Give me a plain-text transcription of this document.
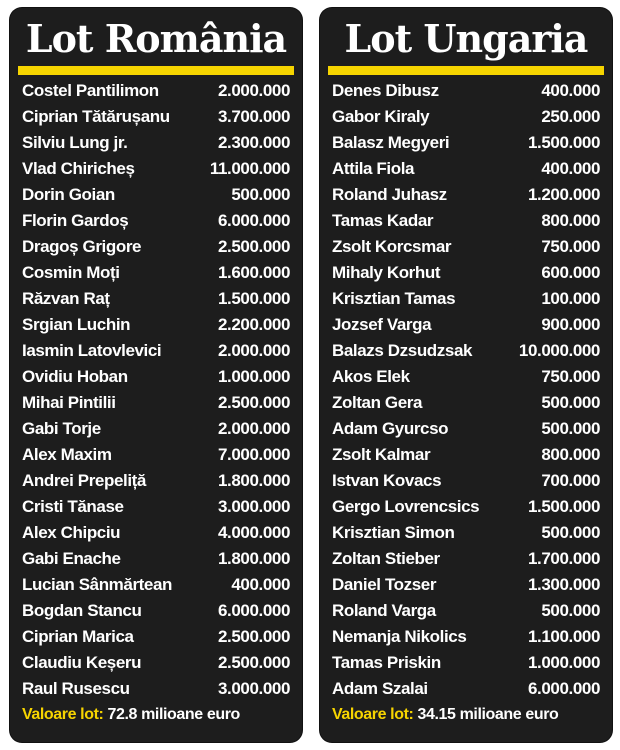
Lot România
Costel Pantilimon	2.000.000
Ciprian Tătărușanu	3.700.000
Silviu Lung jr.	2.300.000
Vlad Chiricheș	11.000.000
Dorin Goian	500.000
Florin Gardoș	6.000.000
Dragoș Grigore	2.500.000
Cosmin Moți	1.600.000
Răzvan Raț	1.500.000
Srgian Luchin	2.200.000
Iasmin Latovlevici	2.000.000
Ovidiu Hoban	1.000.000
Mihai Pintilii	2.500.000
Gabi Torje	2.000.000
Alex Maxim	7.000.000
Andrei Prepeliță	1.800.000
Cristi Tănase	3.000.000
Alex Chipciu	4.000.000
Gabi Enache	1.800.000
Lucian Sânmărtean	400.000
Bogdan Stancu	6.000.000
Ciprian Marica	2.500.000
Claudiu Keșeru	2.500.000
Raul Rusescu	3.000.000
Valoare lot: 72.8 milioane euro
Lot Ungaria
Denes Dibusz	400.000
Gabor Kiraly	250.000
Balasz Megyeri	1.500.000
Attila Fiola	400.000
Roland Juhasz	1.200.000
Tamas Kadar	800.000
Zsolt Korcsmar	750.000
Mihaly Korhut	600.000
Krisztian Tamas	100.000
Jozsef Varga	900.000
Balazs Dzsudzsak	10.000.000
Akos Elek	750.000
Zoltan Gera	500.000
Adam Gyurcso	500.000
Zsolt Kalmar	800.000
Istvan Kovacs	700.000
Gergo Lovrencsics	1.500.000
Krisztian Simon	500.000
Zoltan Stieber	1.700.000
Daniel Tozser	1.300.000
Roland Varga	500.000
Nemanja Nikolics	1.100.000
Tamas Priskin	1.000.000
Adam Szalai	6.000.000
Valoare lot: 34.15 milioane euro
